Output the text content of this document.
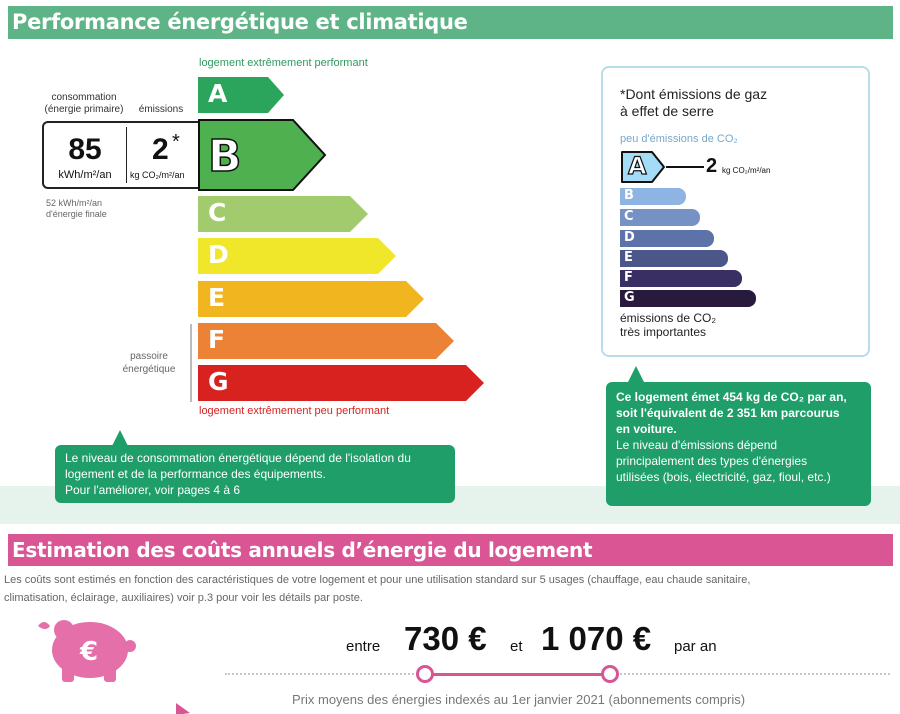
Performance énergétique et climatique
logement extrêmement performant
consommation
(énergie primaire)	émissions
85
kWh/m²/an
2 *
kg CO₂/m²/an
52 kWh/m²/an
d'énergie finale
passoire
énergétique
A
B
C
D
E
F
G
logement extrêmement peu performant
*Dont émissions de gaz
à effet de serre
peu d'émissions de CO₂
A	2 kg CO₂/m²/an
B
C
D
E
F
G
émissions de CO₂
très importantes
Le niveau de consommation énergétique dépend de l'isolation du
logement et de la performance des équipements.
Pour l'améliorer, voir pages 4 à 6
Ce logement émet 454 kg de CO₂ par an,
soit l'équivalent de 2 351 km parcourus
en voiture.
Le niveau d'émissions dépend
principalement des types d'énergies
utilisées (bois, électricité, gaz, fioul, etc.)
Estimation des coûts annuels d’énergie du logement
Les coûts sont estimés en fonction des caractéristiques de votre logement et pour une utilisation standard sur 5 usages (chauffage, eau chaude sanitaire,
climatisation, éclairage, auxiliaires) voir p.3 pour voir les détails par poste.
€	entre 730 € et 1 070 € par an
Prix moyens des énergies indexés au 1er janvier 2021 (abonnements compris)
